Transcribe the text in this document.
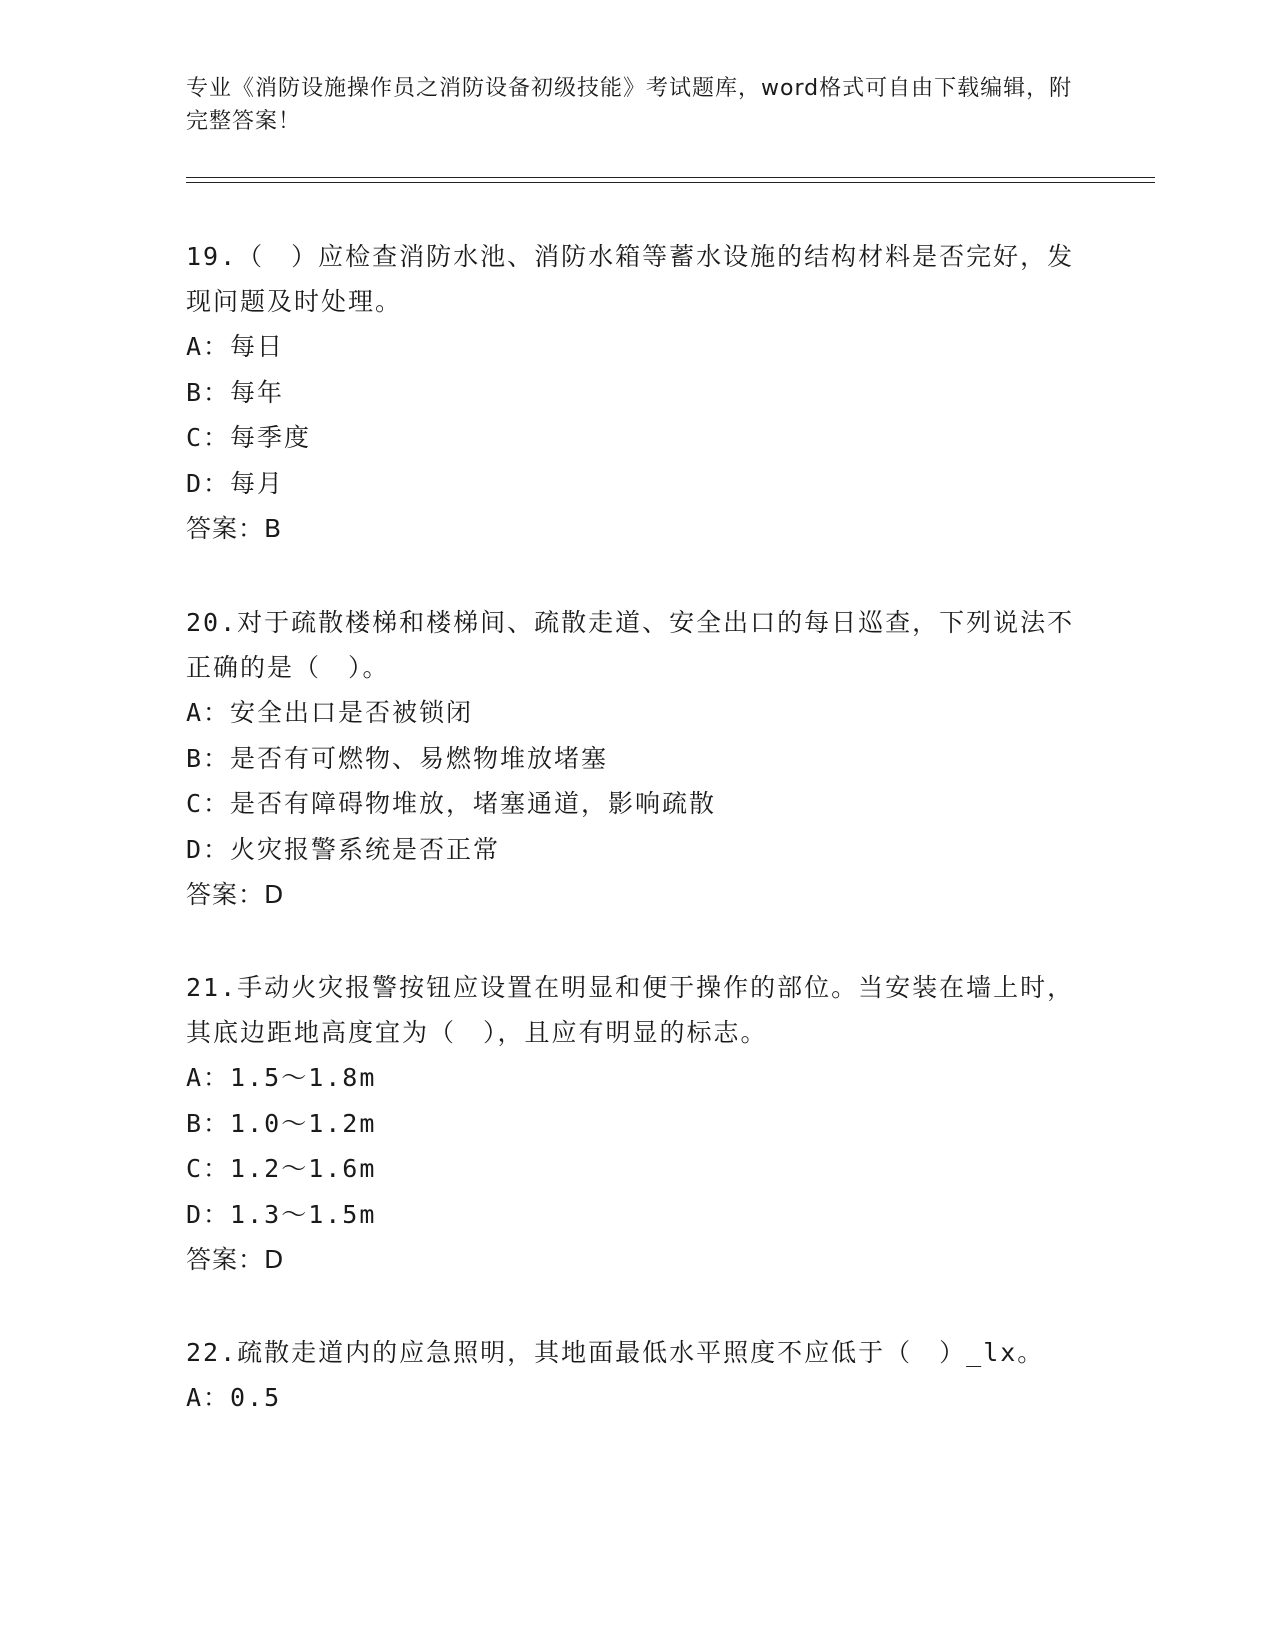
专业《消防设施操作员之消防设备初级技能》考试题库，word格式可自由下载编辑，附完整答案！
19.（　）应检查消防水池、消防水箱等蓄水设施的结构材料是否完好，发现问题及时处理。
A：每日
B：每年
C：每季度
D：每月
答案：B
20.对于疏散楼梯和楼梯间、疏散走道、安全出口的每日巡查，下列说法不正确的是（　）。
A：安全出口是否被锁闭
B：是否有可燃物、易燃物堆放堵塞
C：是否有障碍物堆放，堵塞通道，影响疏散
D：火灾报警系统是否正常
答案：D
21.手动火灾报警按钮应设置在明显和便于操作的部位。当安装在墙上时，其底边距地高度宜为（　），且应有明显的标志。
A：1.5～1.8m
B：1.0～1.2m
C：1.2～1.6m
D：1.3～1.5m
答案：D
22.疏散走道内的应急照明，其地面最低水平照度不应低于（　）_lx。
A：0.5
